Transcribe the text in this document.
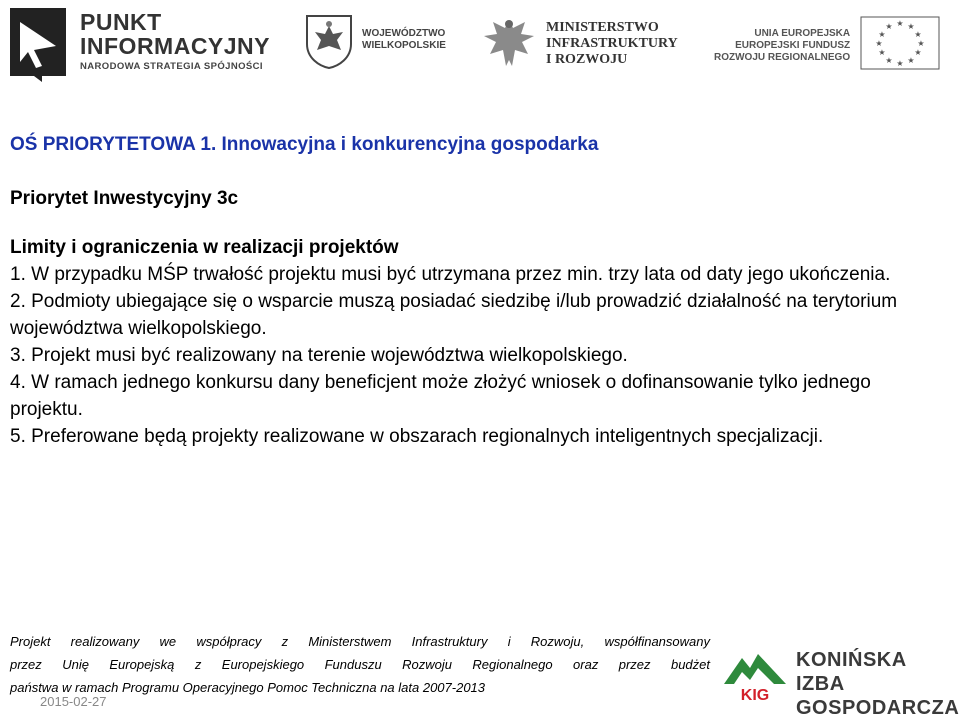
PUNKT
INFORMACYJNY
NARODOWA STRATEGIA SPÓJNOŚCI
WOJEWÓDZTWO
WIELKOPOLSKIE
MINISTERSTWO
INFRASTRUKTURY
I ROZWOJU
UNIA EUROPEJSKA
EUROPEJSKI FUNDUSZ
ROZWOJU REGIONALNEGO
★ ★
★
★
★
★
★
★
★
★
★
★
OŚ PRIORYTETOWA 1. Innowacyjna i konkurencyjna gospodarka
Priorytet Inwestycyjny 3c
Limity i ograniczenia w realizacji projektów
1. W przypadku MŚP trwałość projektu musi być utrzymana przez min. trzy lata od daty jego ukończenia.
2. Podmioty ubiegające się o wsparcie muszą posiadać siedzibę i/lub prowadzić działalność na terytorium województwa wielkopolskiego.
3. Projekt musi być realizowany na terenie województwa wielkopolskiego.
4. W ramach jednego konkursu dany beneficjent może złożyć wniosek o dofinansowanie tylko jednego projektu.
5. Preferowane będą projekty realizowane w obszarach regionalnych inteligentnych specjalizacji.

Projekt realizowany we współpracy z Ministerstwem Infrastruktury i Rozwoju, współfinansowany

przez Unię Europejską z Europejskiego Funduszu Rozwoju Regionalnego oraz przez budżet

państwa w ramach Programu Operacyjnego Pomoc Techniczna na lata 2007-2013

2015-02-27	KIG
KONIŃSKA IZBA
GOSPODARCZA
